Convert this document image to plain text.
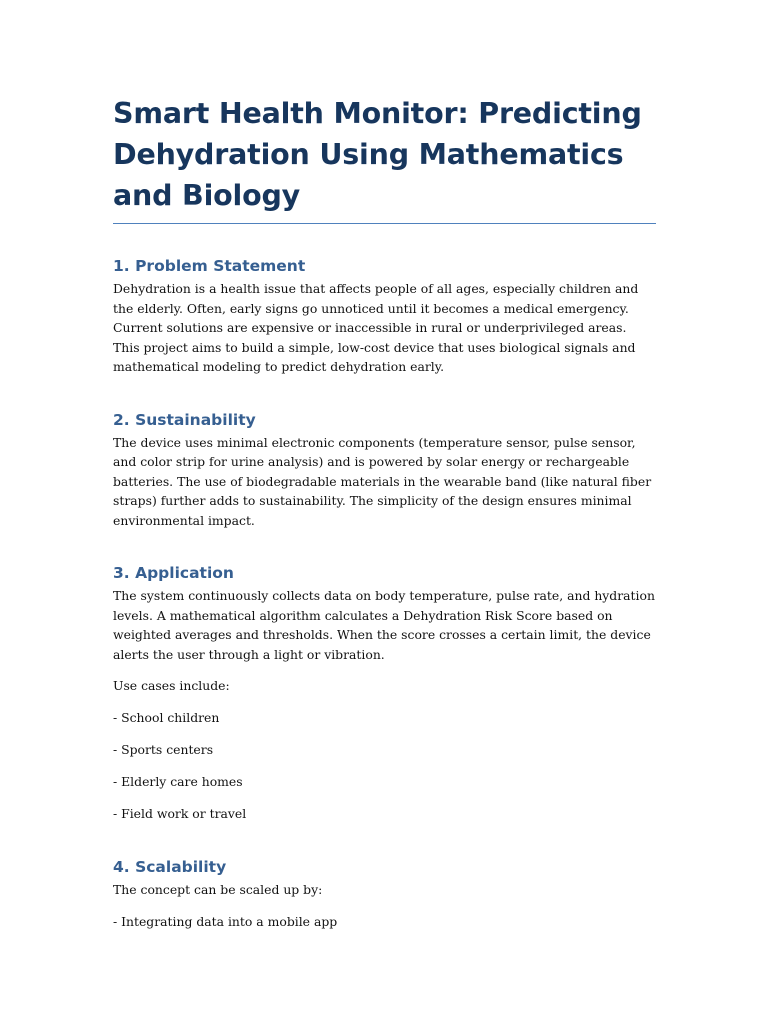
Smart Health Monitor: Predicting Dehydration Using Mathematics and Biology
1. Problem Statement

Dehydration is a health issue that affects people of all ages, especially children and the elderly. Often, early signs go unnoticed until it becomes a medical emergency. Current solutions are expensive or inaccessible in rural or underprivileged areas. This project aims to build a simple, low-cost device that uses biological signals and mathematical modeling to predict dehydration early.

2. Sustainability

The device uses minimal electronic components (temperature sensor, pulse sensor, and color strip for urine analysis) and is powered by solar energy or rechargeable batteries. The use of biodegradable materials in the wearable band (like natural fiber straps) further adds to sustainability. The simplicity of the design ensures minimal environmental impact.

3. Application

The system continuously collects data on body temperature, pulse rate, and hydration levels. A mathematical algorithm calculates a Dehydration Risk Score based on weighted averages and thresholds. When the score crosses a certain limit, the device alerts the user through a light or vibration.

Use cases include:

- School children

- Sports centers

- Elderly care homes

- Field work or travel

4. Scalability

The concept can be scaled up by:

- Integrating data into a mobile app
